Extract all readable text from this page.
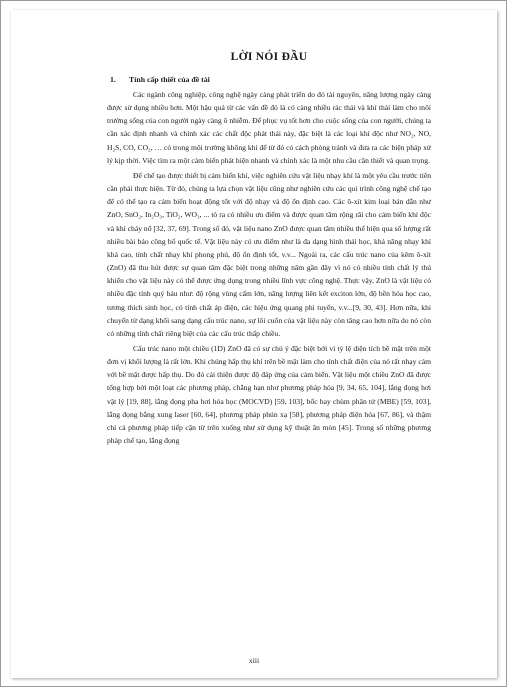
LỜI NÓI ĐẦU
1. Tính cấp thiết của đề tài

Các ngành công nghiệp, công nghệ ngày càng phát triển do đó tài nguyên, năng lượng ngày càng được sử dụng nhiều hơn. Một hậu quả từ các vấn đề đó là có càng nhiều rác thải và khí thải làm cho môi trường sống của con người ngày càng ô nhiễm. Để phục vụ tốt hơn cho cuộc sống của con người, chúng ta cần xác định nhanh và chính xác các chất độc phát thải này, đặc biệt là các loại khí độc như NO₂, NO, H₂S, CO, CO₂, … có trong môi trường không khí để từ đó có cách phòng tránh và đưa ra các biện pháp xử lý kịp thời. Việc tìm ra một cảm biến phát hiện nhanh và chính xác là một nhu cầu cần thiết và quan trọng.

Để chế tạo được thiết bị cảm biến khí, việc nghiên cứu vật liệu nhạy khí là một yêu cầu trước tiên cần phải thực hiện. Từ đó, chúng ta lựa chọn vật liệu cũng như nghiên cứu các qui trình công nghệ chế tạo để có thể tạo ra cảm biến hoạt động tốt với độ nhạy và độ ổn định cao. Các ô-xít kim loại bán dẫn như ZnO, SnO₂, In₂O₃, TiO₂, WO₃, ... tỏ ra có nhiều ưu điểm và được quan tâm rộng rãi cho cảm biến khí độc và khí cháy nổ [32, 37, 69]. Trong số đó, vật liệu nano ZnO được quan tâm nhiều thể hiện qua số lượng rất nhiều bài báo công bố quốc tế. Vật liệu này có ưu điểm như là đa dạng hình thái học, khả năng nhạy khí khá cao, tính chất nhạy khí phong phú, độ ổn định tốt, v.v... Ngoài ra, các cấu trúc nano của kẽm ô-xít (ZnO) đã thu hút được sự quan tâm đặc biệt trong những năm gần đây vì nó có nhiều tính chất lý thú khiến cho vật liệu này có thể được ứng dụng trong nhiều lĩnh vực công nghệ. Thực vậy, ZnO là vật liệu có nhiều đặc tính quý báu như: độ rộng vùng cấm lớn, năng lượng liên kết exciton lớn, độ bền hóa học cao, tương thích sinh học, có tính chất áp điện, các hiệu ứng quang phi tuyến, v.v...[9, 30, 43]. Hơn nữa, khi chuyển từ dạng khối sang dạng cấu trúc nano, sự lôi cuốn của vật liệu này còn tăng cao hơn nữa do nó còn có những tính chất riêng biệt của các cấu trúc thấp chiều.

Cấu trúc nano một chiều (1D) ZnO đã có sự chú ý đặc biệt bởi vì tỷ lệ diện tích bề mặt trên một đơn vị khối lượng là rất lớn. Khi chúng hấp thụ khí trên bề mặt làm cho tính chất điện của nó rất nhạy cảm với bề mặt được hấp thụ. Do đó cải thiện được độ đáp ứng của cảm biến. Vật liệu một chiều ZnO đã được tổng hợp bởi một loạt các phương pháp, chẳng hạn như phương pháp hóa [9, 34, 65, 104], lắng đọng hơi vật lý [19, 88], lắng đọng pha hơi hóa học (MOCVD) [59, 103], bốc bay chùm phân tử (MBE) [59, 103], lắng đọng bằng xung laser [60, 64], phương pháp phún xạ [58], phương pháp điện hóa [67, 86], và thậm chí cả phương pháp tiếp cận từ trên xuống như sử dụng kỹ thuật ăn mòn [45]. Trong số những phương pháp chế tạo, lắng đọng

xiii
